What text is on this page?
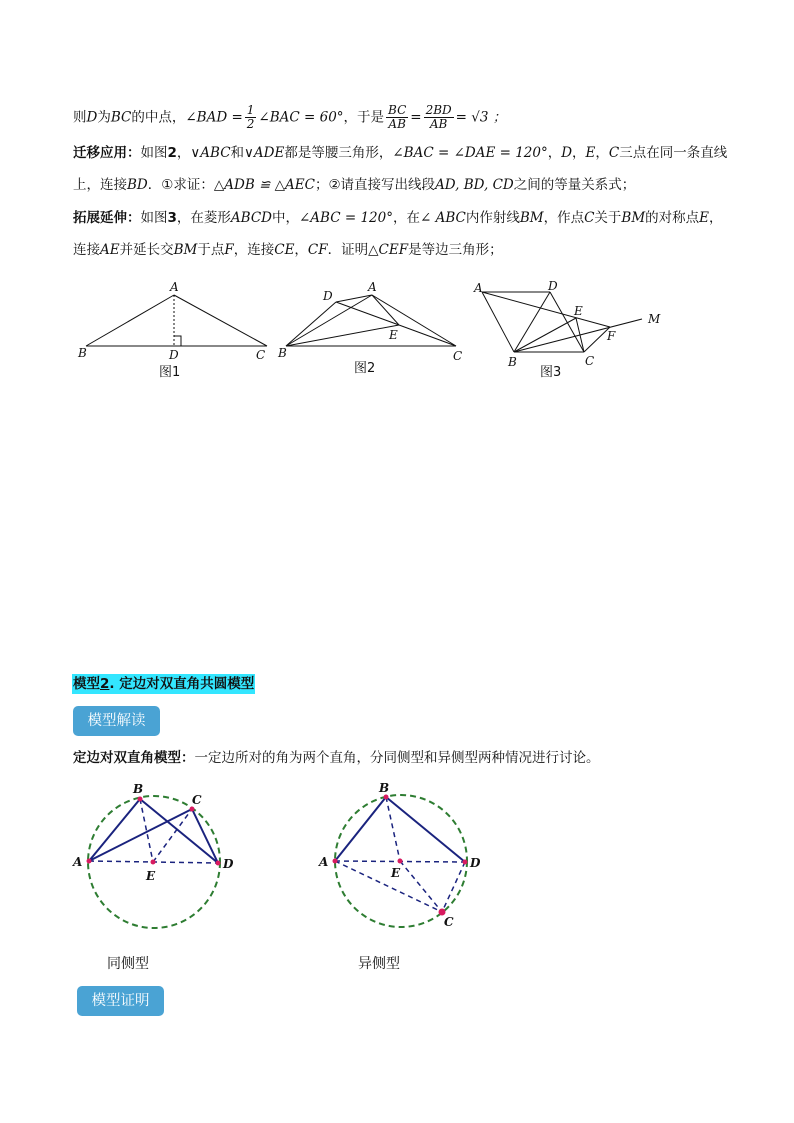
则D为BC的中点，∠BAD = $\frac{1}{2}$ ∠BAC = 60°，于是 $\frac{BC}{AB} = \frac{2BD}{AB} = √3$ ；
迁移应用：如图2，∨ABC和∨ADE都是等腰三角形，∠BAC = ∠DAE = 120°，D，E，C三点在同一条直线
上，连接BD．①求证：△ADB ≌ △AEC；②请直接写出线段AD, BD, CD之间的等量关系式；
拓展延伸：如图3，在菱形ABCD中，∠ABC = 120°，在∠ ABC内作射线BM，作点C关于BM的对称点E，
连接AE并延长交BM于点F，连接CE，CF．证明△CEF是等边三角形；
A
B	C
D
A
B	C
D
E
A	D
E
F
M
B	C
图1	图2	图3
模型2. 定边对双直角共圆模型
模型解读
定边对双直角模型：一定边所对的角为两个直角，分同侧型和异侧型两种情况进行讨论。
A
B
C
D
E
A
B
C
D
E
同侧型	异侧型
模型证明
